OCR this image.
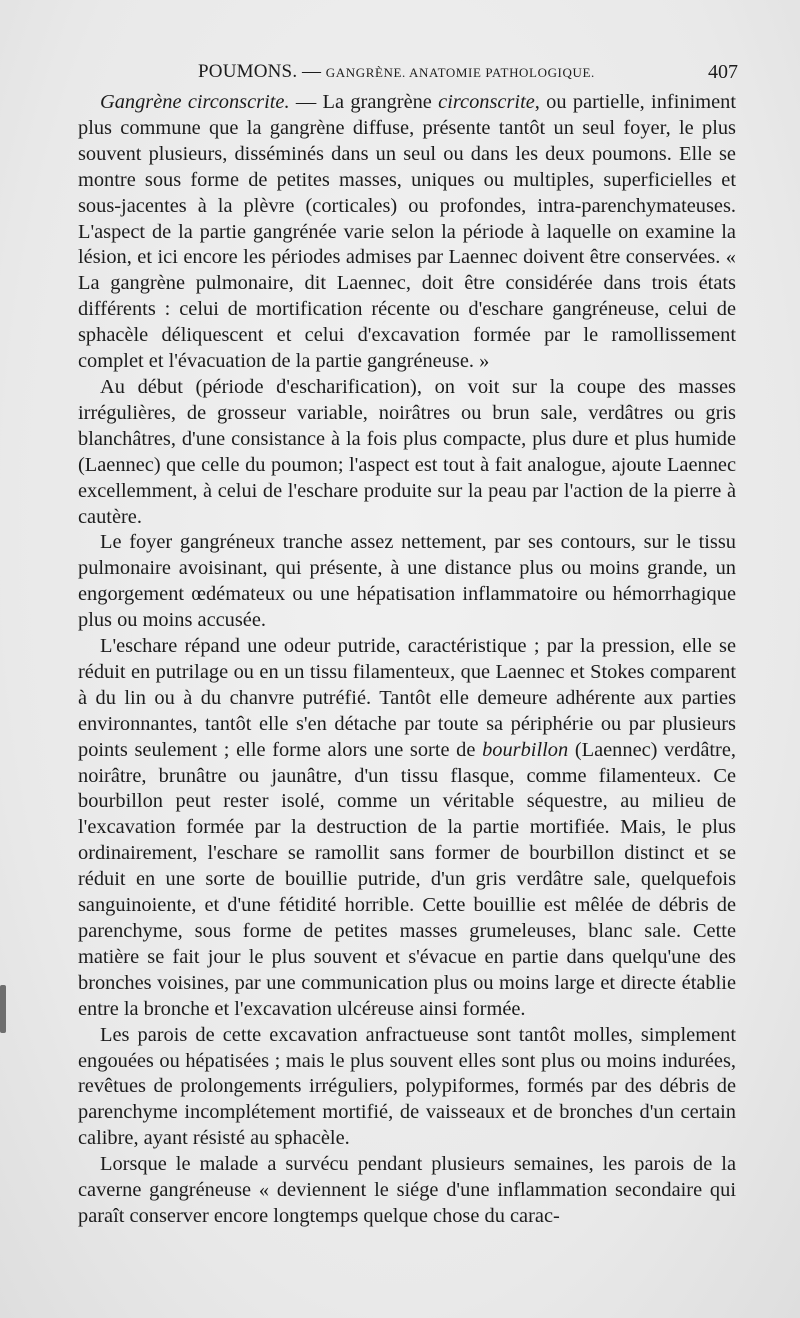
POUMONS. — GANGRÈNE. ANATOMIE PATHOLOGIQUE.	407

Gangrène circonscrite. — La grangrène circonscrite, ou partielle, infiniment plus commune que la gangrène diffuse, présente tantôt un seul foyer, le plus souvent plusieurs, disséminés dans un seul ou dans les deux poumons. Elle se montre sous forme de petites masses, uniques ou multiples, superficielles et sous-jacentes à la plèvre (corticales) ou profondes, intra-parenchymateuses. L'aspect de la partie gangrénée varie selon la période à laquelle on examine la lésion, et ici encore les périodes admises par Laennec doivent être conservées. « La gangrène pulmonaire, dit Laennec, doit être considérée dans trois états différents : celui de mortification récente ou d'eschare gangréneuse, celui de sphacèle déliquescent et celui d'excavation formée par le ramollissement complet et l'évacuation de la partie gangréneuse. »

Au début (période d'escharification), on voit sur la coupe des masses irrégulières, de grosseur variable, noirâtres ou brun sale, verdâtres ou gris blanchâtres, d'une consistance à la fois plus compacte, plus dure et plus humide (Laennec) que celle du poumon; l'aspect est tout à fait analogue, ajoute Laennec excellemment, à celui de l'eschare produite sur la peau par l'action de la pierre à cautère.

Le foyer gangréneux tranche assez nettement, par ses contours, sur le tissu pulmonaire avoisinant, qui présente, à une distance plus ou moins grande, un engorgement œdémateux ou une hépatisation inflammatoire ou hémorrhagique plus ou moins accusée.

L'eschare répand une odeur putride, caractéristique ; par la pression, elle se réduit en putrilage ou en un tissu filamenteux, que Laennec et Stokes comparent à du lin ou à du chanvre putréfié. Tantôt elle demeure adhérente aux parties environnantes, tantôt elle s'en détache par toute sa périphérie ou par plusieurs points seulement ; elle forme alors une sorte de bourbillon (Laennec) verdâtre, noirâtre, brunâtre ou jaunâtre, d'un tissu flasque, comme filamenteux. Ce bourbillon peut rester isolé, comme un véritable séquestre, au milieu de l'excavation formée par la destruction de la partie mortifiée. Mais, le plus ordinairement, l'eschare se ramollit sans former de bourbillon distinct et se réduit en une sorte de bouillie putride, d'un gris verdâtre sale, quelquefois sanguinoiente, et d'une fétidité horrible. Cette bouillie est mêlée de débris de parenchyme, sous forme de petites masses grumeleuses, blanc sale. Cette matière se fait jour le plus souvent et s'évacue en partie dans quelqu'une des bronches voisines, par une communication plus ou moins large et directe établie entre la bronche et l'excavation ulcéreuse ainsi formée.

Les parois de cette excavation anfractueuse sont tantôt molles, simplement engouées ou hépatisées ; mais le plus souvent elles sont plus ou moins indurées, revêtues de prolongements irréguliers, polypiformes, formés par des débris de parenchyme incomplétement mortifié, de vaisseaux et de bronches d'un certain calibre, ayant résisté au sphacèle.

Lorsque le malade a survécu pendant plusieurs semaines, les parois de la caverne gangréneuse « deviennent le siége d'une inflammation secondaire qui paraît conserver encore longtemps quelque chose du carac-
